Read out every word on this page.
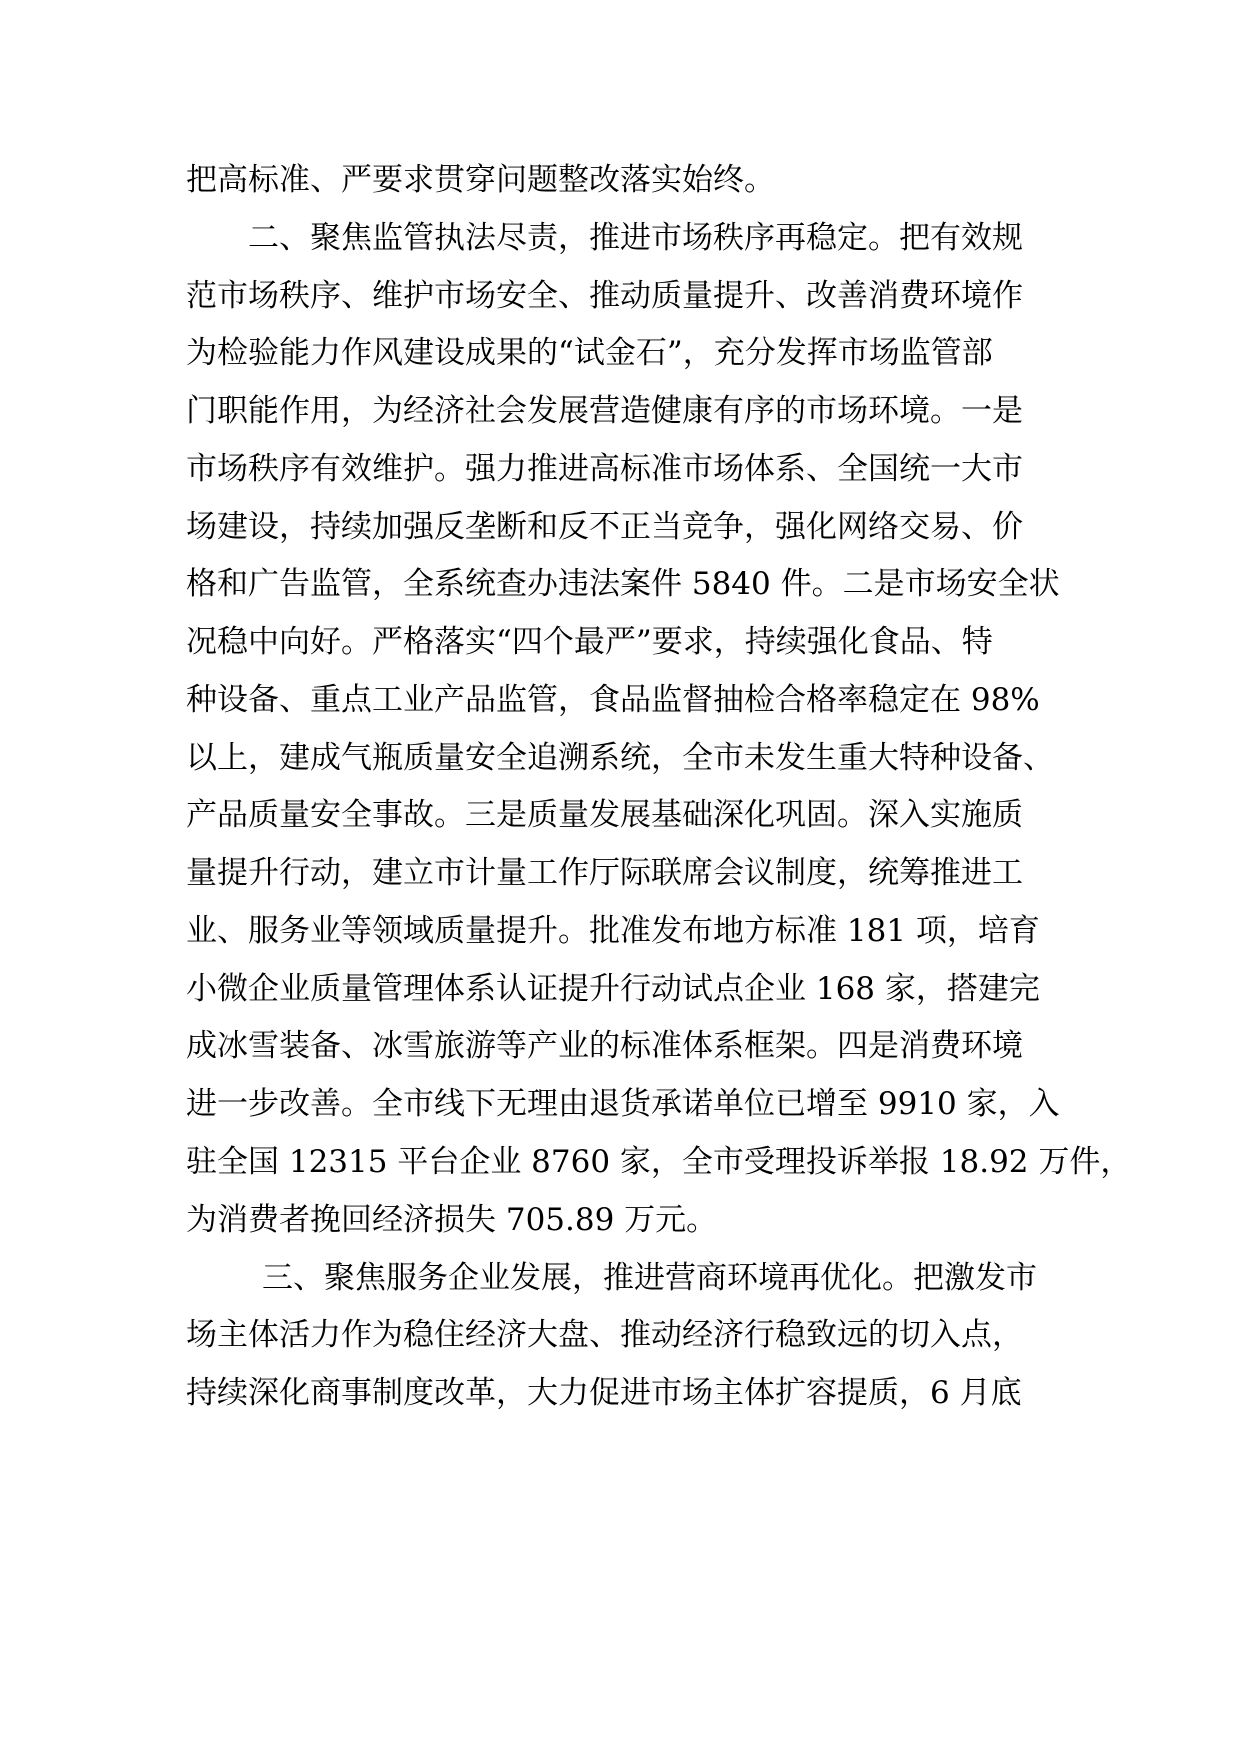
把高标准、严要求贯穿问题整改落实始终。

二、聚焦监管执法尽责，推进市场秩序再稳定。把有效规

范市场秩序、维护市场安全、推动质量提升、改善消费环境作

为检验能力作风建设成果的“试金石”，充分发挥市场监管部

门职能作用，为经济社会发展营造健康有序的市场环境。一是

市场秩序有效维护。强力推进高标准市场体系、全国统一大市

场建设，持续加强反垄断和反不正当竞争，强化网络交易、价

格和广告监管，全系统查办违法案件 5840 件。二是市场安全状

况稳中向好。严格落实“四个最严”要求，持续强化食品、特

种设备、重点工业产品监管，食品监督抽检合格率稳定在 98%

以上，建成气瓶质量安全追溯系统，全市未发生重大特种设备、

产品质量安全事故。三是质量发展基础深化巩固。深入实施质

量提升行动，建立市计量工作厅际联席会议制度，统筹推进工

业、服务业等领域质量提升。批准发布地方标准 181 项，培育

小微企业质量管理体系认证提升行动试点企业 168 家，搭建完

成冰雪装备、冰雪旅游等产业的标准体系框架。四是消费环境

进一步改善。全市线下无理由退货承诺单位已增至 9910 家，入

驻全国 12315 平台企业 8760 家，全市受理投诉举报 18.92 万件，

为消费者挽回经济损失 705.89 万元。

三、聚焦服务企业发展，推进营商环境再优化。把激发市

场主体活力作为稳住经济大盘、推动经济行稳致远的切入点，

持续深化商事制度改革，大力促进市场主体扩容提质，6 月底
